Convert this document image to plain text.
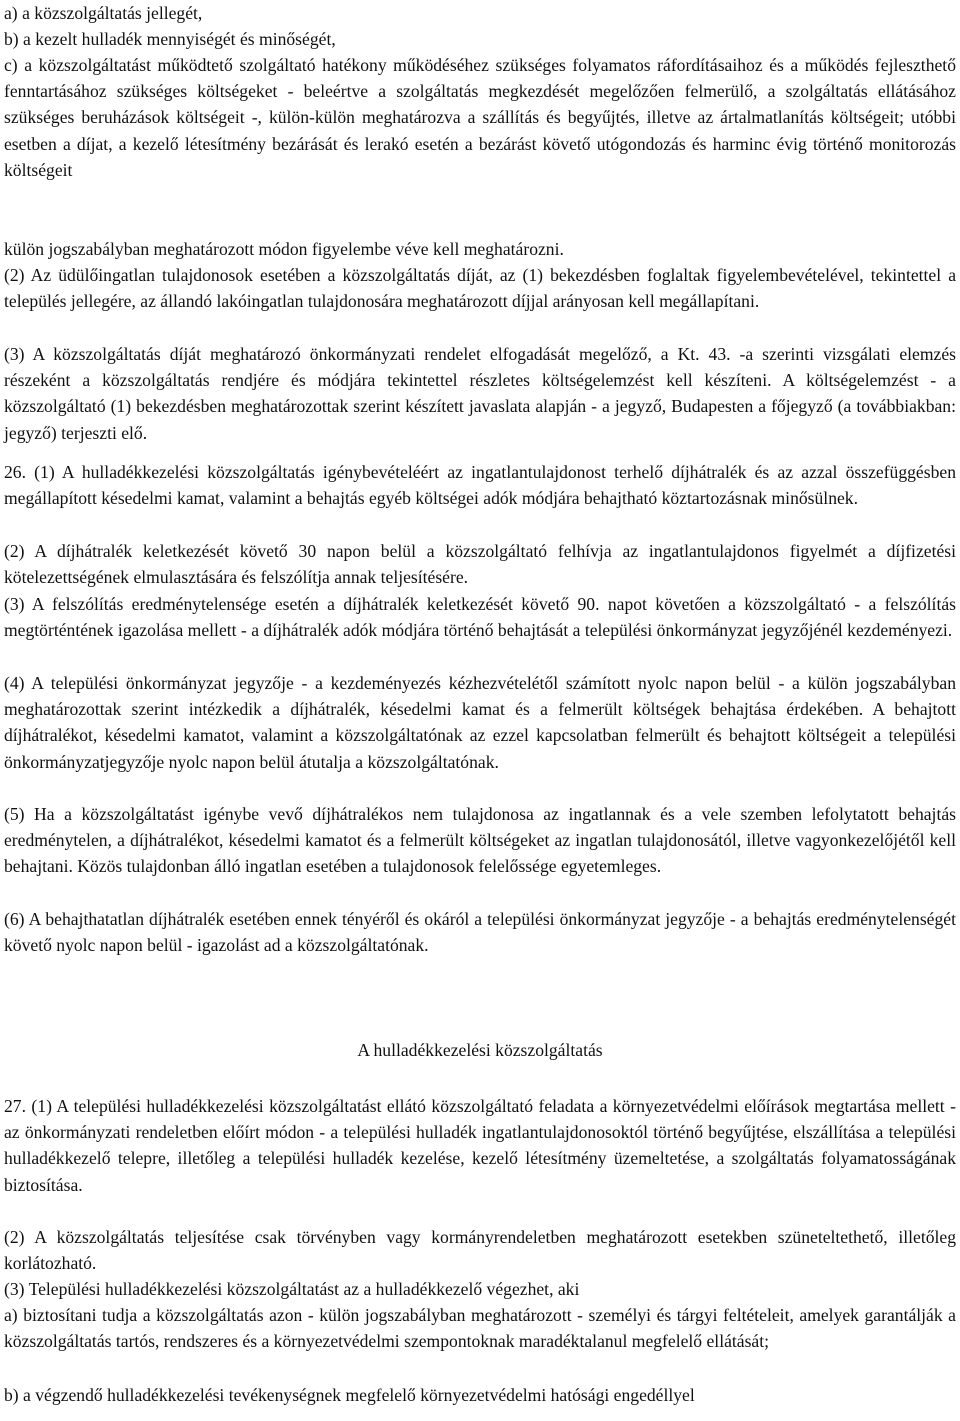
a) a közszolgáltatás jellegét,

b) a kezelt hulladék mennyiségét és minőségét,

c) a közszolgáltatást működtető szolgáltató hatékony működéséhez szükséges folyamatos ráfordításaihoz és a működés fejleszthető fenntartásához szükséges költségeket - beleértve a szolgáltatás megkezdését megelőzően felmerülő, a szolgáltatás ellátásához szükséges beruházások költségeit -, külön-külön meghatározva a szállítás és begyűjtés, illetve az ártalmatlanítás költségeit; utóbbi esetben a díjat, a kezelő létesítmény bezárását és lerakó esetén a bezárást követő utógondozás és harminc évig történő monitorozás költségeit

külön jogszabályban meghatározott módon figyelembe véve kell meghatározni.

(2) Az üdülőingatlan tulajdonosok esetében a közszolgáltatás díját, az (1) bekezdésben foglaltak figyelembevételével, tekintettel a település jellegére, az állandó lakóingatlan tulajdonosára meghatározott díjjal arányosan kell megállapítani.

(3) A közszolgáltatás díját meghatározó önkormányzati rendelet elfogadását megelőző, a Kt. 43. -a szerinti vizsgálati elemzés részeként a közszolgáltatás rendjére és módjára tekintettel részletes költségelemzést kell készíteni. A költségelemzést - a közszolgáltató (1) bekezdésben meghatározottak szerint készített javaslata alapján - a jegyző, Budapesten a főjegyző (a továbbiakban: jegyző) terjeszti elő.

26. (1) A hulladékkezelési közszolgáltatás igénybevételéért az ingatlantulajdonost terhelő díjhátralék és az azzal összefüggésben megállapított késedelmi kamat, valamint a behajtás egyéb költségei adók módjára behajtható köztartozásnak minősülnek.

(2) A díjhátralék keletkezését követő 30 napon belül a közszolgáltató felhívja az ingatlantulajdonos figyelmét a díjfizetési kötelezettségének elmulasztására és felszólítja annak teljesítésére.

(3) A felszólítás eredménytelensége esetén a díjhátralék keletkezését követő 90. napot követően a közszolgáltató - a felszólítás megtörténtének igazolása mellett - a díjhátralék adók módjára történő behajtását a települési önkormányzat jegyzőjénél kezdeményezi.

(4) A települési önkormányzat jegyzője - a kezdeményezés kézhezvételétől számított nyolc napon belül - a külön jogszabályban meghatározottak szerint intézkedik a díjhátralék, késedelmi kamat és a felmerült költségek behajtása érdekében. A behajtott díjhátralékot, késedelmi kamatot, valamint a közszolgáltatónak az ezzel kapcsolatban felmerült és behajtott költségeit a települési önkormányzatjegyzője nyolc napon belül átutalja a közszolgáltatónak.

(5) Ha a közszolgáltatást igénybe vevő díjhátralékos nem tulajdonosa az ingatlannak és a vele szemben lefolytatott behajtás eredménytelen, a díjhátralékot, késedelmi kamatot és a felmerült költségeket az ingatlan tulajdonosától, illetve vagyonkezelőjétől kell behajtani. Közös tulajdonban álló ingatlan esetében a tulajdonosok felelőssége egyetemleges.

(6) A behajthatatlan díjhátralék esetében ennek tényéről és okáról a települési önkormányzat jegyzője - a behajtás eredménytelenségét követő nyolc napon belül - igazolást ad a közszolgáltatónak.

A hulladékkezelési közszolgáltatás

27. (1) A települési hulladékkezelési közszolgáltatást ellátó közszolgáltató feladata a környezetvédelmi előírások megtartása mellett - az önkormányzati rendeletben előírt módon - a települési hulladék ingatlantulajdonosoktól történő begyűjtése, elszállítása a települési hulladékkezelő telepre, illetőleg a települési hulladék kezelése, kezelő létesítmény üzemeltetése, a szolgáltatás folyamatosságának biztosítása.

(2) A közszolgáltatás teljesítése csak törvényben vagy kormányrendeletben meghatározott esetekben szüneteltethető, illetőleg korlátozható.

(3) Települési hulladékkezelési közszolgáltatást az a hulladékkezelő végezhet, aki

a) biztosítani tudja a közszolgáltatás azon - külön jogszabályban meghatározott - személyi és tárgyi feltételeit, amelyek garantálják a közszolgáltatás tartós, rendszeres és a környezetvédelmi szempontoknak maradéktalanul megfelelő ellátását;

b) a végzendő hulladékkezelési tevékenységnek megfelelő környezetvédelmi hatósági engedéllyel
